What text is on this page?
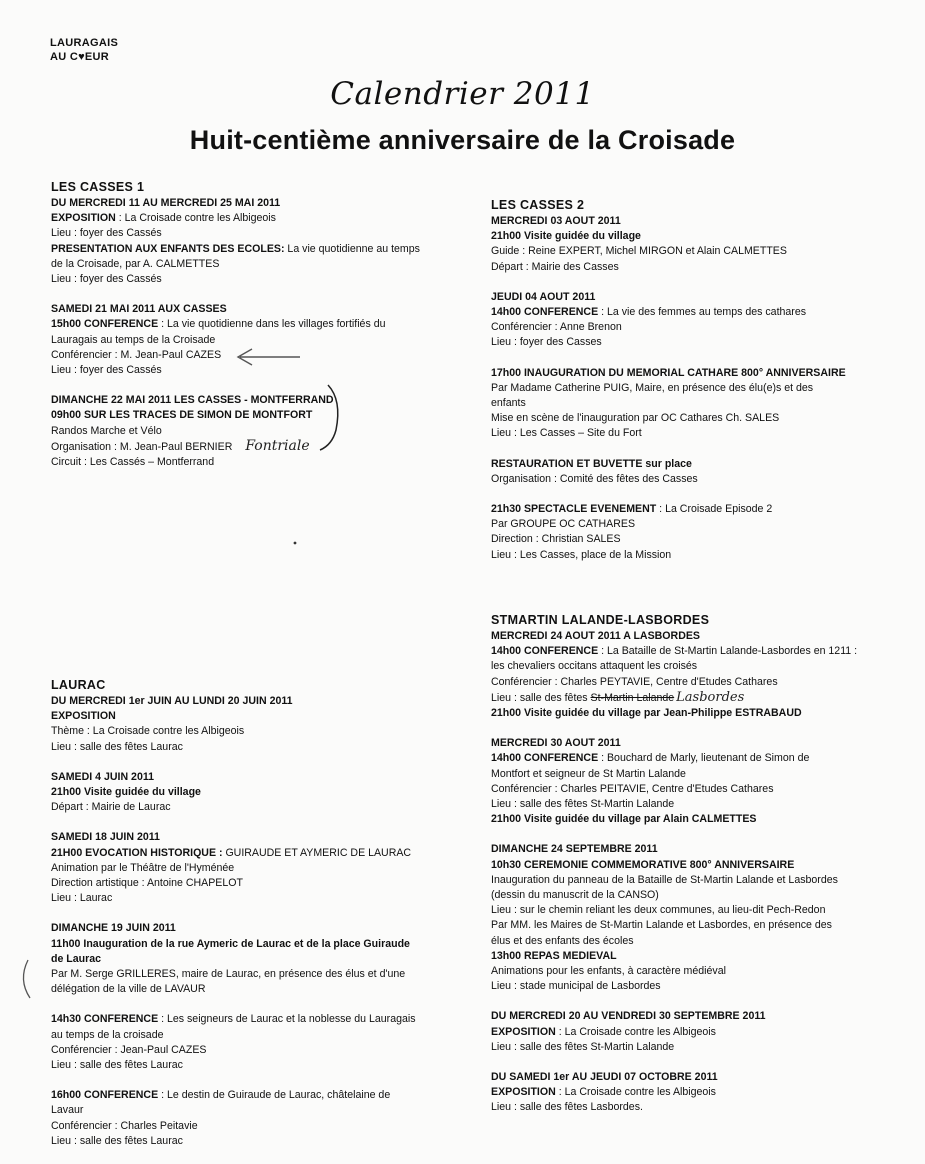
LAURAGAIS
AU C♥EUR
Calendrier 2011
Huit-centième anniversaire de la Croisade

LES CASSES 1

DU MERCREDI 11 AU MERCREDI 25 MAI 2011

EXPOSITION : La Croisade contre les Albigeois

Lieu : foyer des Cassés

PRESENTATION AUX ENFANTS DES ECOLES: La vie quotidienne au temps

de la Croisade, par A. CALMETTES

Lieu : foyer des Cassés

SAMEDI 21 MAI 2011 AUX CASSES

15h00 CONFERENCE : La vie quotidienne dans les villages fortifiés du

Lauragais au temps de la Croisade

Conférencier : M. Jean-Paul CAZES

Lieu : foyer des Cassés

DIMANCHE 22 MAI 2011 LES CASSES - MONTFERRAND

09h00 SUR LES TRACES DE SIMON DE MONTFORT

Randos Marche et Vélo

Organisation : M. Jean-Paul BERNIER Fontriale

Circuit : Les Cassés – Montferrand

LAURAC

DU MERCREDI 1er JUIN AU LUNDI 20 JUIN 2011

EXPOSITION

Thème : La Croisade contre les Albigeois

Lieu : salle des fêtes Laurac

SAMEDI 4 JUIN 2011

21h00 Visite guidée du village

Départ : Mairie de Laurac

SAMEDI 18 JUIN 2011

21H00 EVOCATION HISTORIQUE : GUIRAUDE ET AYMERIC DE LAURAC

Animation par le Théâtre de l'Hyménée

Direction artistique : Antoine CHAPELOT

Lieu : Laurac

DIMANCHE 19 JUIN 2011

11h00 Inauguration de la rue Aymeric de Laurac et de la place Guiraude

de Laurac

Par M. Serge GRILLERES, maire de Laurac, en présence des élus et d'une

délégation de la ville de LAVAUR

14h30 CONFERENCE : Les seigneurs de Laurac et la noblesse du Lauragais

au temps de la croisade

Conférencier : Jean-Paul CAZES

Lieu : salle des fêtes Laurac

16h00 CONFERENCE : Le destin de Guiraude de Laurac, châtelaine de

Lavaur

Conférencier : Charles Peitavie

Lieu : salle des fêtes Laurac

LES CASSES 2

MERCREDI 03 AOUT 2011

21h00 Visite guidée du village

Guide : Reine EXPERT, Michel MIRGON et Alain CALMETTES

Départ : Mairie des Casses

JEUDI 04 AOUT 2011

14h00 CONFERENCE : La vie des femmes au temps des cathares

Conférencier : Anne Brenon

Lieu : foyer des Casses

17h00 INAUGURATION DU MEMORIAL CATHARE 800° ANNIVERSAIRE

Par Madame Catherine PUIG, Maire, en présence des élu(e)s et des

enfants

Mise en scène de l'inauguration par OC Cathares Ch. SALES

Lieu : Les Casses – Site du Fort

RESTAURATION ET BUVETTE sur place

Organisation : Comité des fêtes des Casses

21h30 SPECTACLE EVENEMENT : La Croisade Episode 2

Par GROUPE OC CATHARES

Direction : Christian SALES

Lieu : Les Casses, place de la Mission

STMARTIN LALANDE-LASBORDES

MERCREDI 24 AOUT 2011 A LASBORDES

14h00 CONFERENCE : La Bataille de St-Martin Lalande-Lasbordes en 1211 :

les chevaliers occitans attaquent les croisés

Conférencier : Charles PEYTAVIE, Centre d'Etudes Cathares

Lieu : salle des fêtes St-Martin Lalande Lasbordes

21h00 Visite guidée du village par Jean-Philippe ESTRABAUD

MERCREDI 30 AOUT 2011

14h00 CONFERENCE : Bouchard de Marly, lieutenant de Simon de

Montfort et seigneur de St Martin Lalande

Conférencier : Charles PEITAVIE, Centre d'Etudes Cathares

Lieu : salle des fêtes St-Martin Lalande

21h00 Visite guidée du village par Alain CALMETTES

DIMANCHE 24 SEPTEMBRE 2011

10h30 CEREMONIE COMMEMORATIVE 800° ANNIVERSAIRE

Inauguration du panneau de la Bataille de St-Martin Lalande et Lasbordes

(dessin du manuscrit de la CANSO)

Lieu : sur le chemin reliant les deux communes, au lieu-dit Pech-Redon

Par MM. les Maires de St-Martin Lalande et Lasbordes, en présence des

élus et des enfants des écoles

13h00 REPAS MEDIEVAL

Animations pour les enfants, à caractère médiéval

Lieu : stade municipal de Lasbordes

DU MERCREDI 20 AU VENDREDI 30 SEPTEMBRE 2011

EXPOSITION : La Croisade contre les Albigeois

Lieu : salle des fêtes St-Martin Lalande

DU SAMEDI 1er AU JEUDI 07 OCTOBRE 2011

EXPOSITION : La Croisade contre les Albigeois

Lieu : salle des fêtes Lasbordes.
